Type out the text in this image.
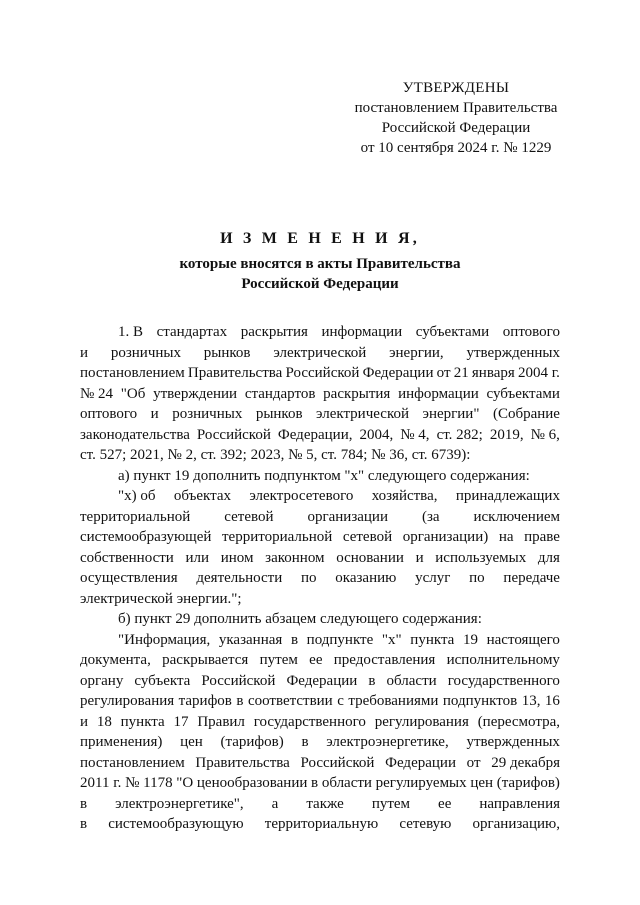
УТВЕРЖДЕНЫ
постановлением Правительства
Российской Федерации
от 10 сентября 2024 г. № 1229
И З М Е Н Е Н И Я,
которые вносятся в акты Правительства
Российской Федерации
1. В стандартах раскрытия информации субъектами оптового
и розничных рынков электрической энергии, утвержденных
постановлением Правительства Российской Федерации от 21 января 2004 г.
№ 24 "Об утверждении стандартов раскрытия информации субъектами
оптового и розничных рынков электрической энергии" (Собрание
законодательства Российской Федерации, 2004, № 4, ст. 282; 2019, № 6,
ст. 527; 2021, № 2, ст. 392; 2023, № 5, ст. 784; № 36, ст. 6739):
а) пункт 19 дополнить подпунктом "х" следующего содержания:
"х) об объектах электросетевого хозяйства, принадлежащих
территориальной сетевой организации (за исключением
системообразующей территориальной сетевой организации) на праве
собственности или ином законном основании и используемых для
осуществления деятельности по оказанию услуг по передаче
электрической энергии.";
б) пункт 29 дополнить абзацем следующего содержания:
"Информация, указанная в подпункте "х" пункта 19 настоящего
документа, раскрывается путем ее предоставления исполнительному
органу субъекта Российской Федерации в области государственного
регулирования тарифов в соответствии с требованиями подпунктов 13, 16
и 18 пункта 17 Правил государственного регулирования (пересмотра,
применения) цен (тарифов) в электроэнергетике, утвержденных
постановлением Правительства Российской Федерации от 29 декабря
2011 г. № 1178 "О ценообразовании в области регулируемых цен (тарифов)
в электроэнергетике", а также путем ее направления
в системообразующую территориальную сетевую организацию,
